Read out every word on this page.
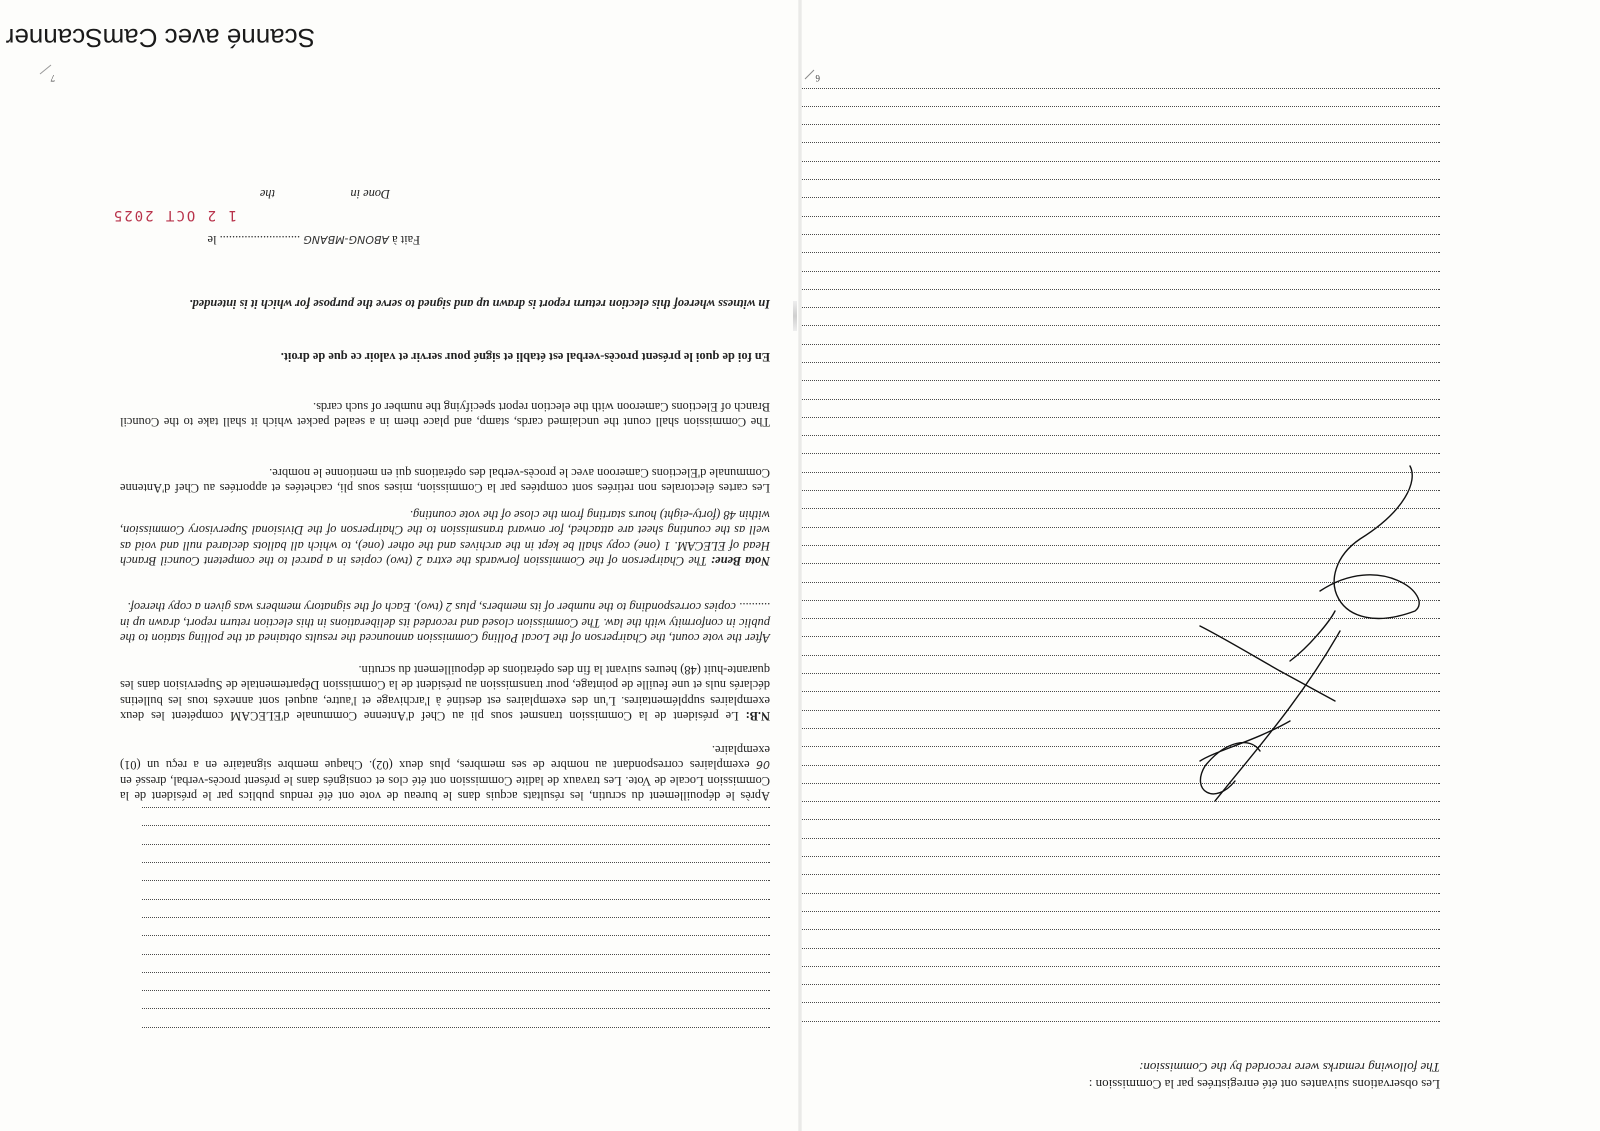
Les observations suivantes ont été enregistrées par la Commission :
The following remarks were recorded by the Commission:
6
Après le dépouillement du scrutin, les résultats acquis dans le bureau de vote ont été rendus publics par le président de la Commission Locale de Vote. Les travaux de ladite Commission ont été clos et consignés dans le présent procès-verbal, dressé en 06 exemplaires correspondant au nombre de ses membres, plus deux (02). Chaque membre signataire en a reçu un (01) exemplaire.
N.B: Le président de la Commission transmet sous pli au Chef d'Antenne Communale d'ELECAM compétent les deux exemplaires supplémentaires. L'un des exemplaires est destiné à l'archivage et l'autre, auquel sont annexés tous les bulletins déclarés nuls et une feuille de pointage, pour transmission au président de la Commission Départementale de Supervision dans les quarante-huit (48) heures suivant la fin des opérations de dépouillement du scrutin.
After the vote count, the Chairperson of the Local Polling Commission announced the results obtained at the polling station to the public in conformity with the law. The Commission closed and recorded its deliberations in this election return report, drawn up in .......... copies corresponding to the number of its members, plus 2 (two). Each of the signatory members was given a copy thereof.
Nota Bene: The Chairperson of the Commission forwards the extra 2 (two) copies in a parcel to the competent Council Branch Head of ELECAM. 1 (one) copy shall be kept in the archives and the other (one), to which all ballots declared null and void as well as the counting sheet are attached, for onward transmission to the Chairperson of the Divisional Supervisory Commission, within 48 (forty-eight) hours starting from the close of the vote counting.
Les cartes électorales non retirées sont comptées par la Commission, mises sous pli, cachetées et apportées au Chef d'Antenne Communale d'Elections Cameroon avec le procès-verbal des opérations qui en mentionne le nombre.
The Commission shall count the unclaimed cards, stamp, and place them in a sealed packet which it shall take to the Council Branch of Elections Cameroon with the election report specifying the number of such cards.
En foi de quoi le présent procès-verbal est établi et signé pour servir et valoir ce que de droit.
In witness whereof this election return report is drawn up and signed to serve the purpose for which it is intended.
Fait à ABONG-MBANG .......................... le
Done in
the
1 2 OCT 2025
7
Scanné avec CamScanner
